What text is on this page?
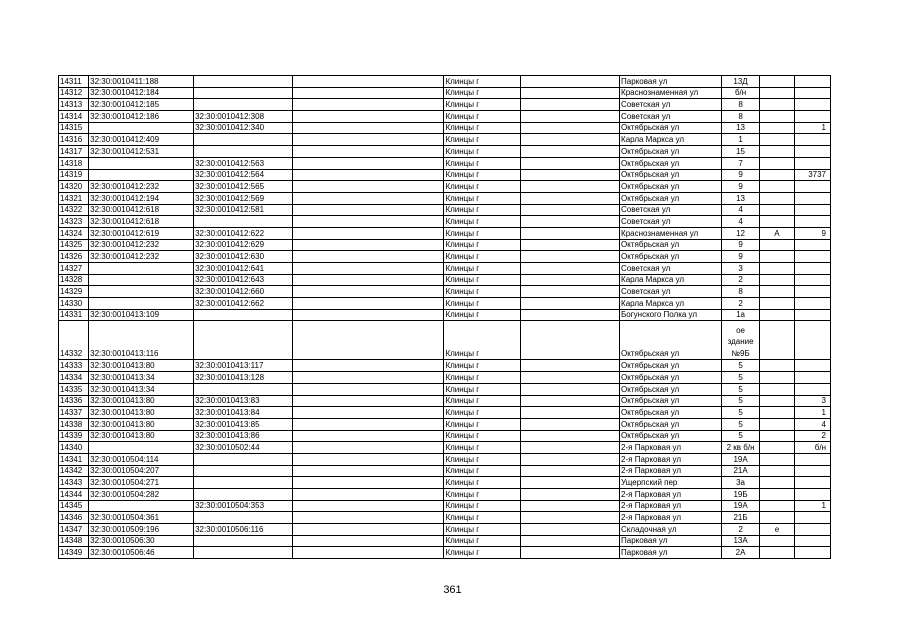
14311	32:30:0010411:188			Клинцы г		Парковая ул	13Д		
14312	32:30:0010412:184			Клинцы г		Краснознаменная ул	б/н		
14313	32:30:0010412:185			Клинцы г		Советская ул	8		
14314	32:30:0010412:186	32:30:0010412:308		Клинцы г		Советская ул	8		
14315		32:30:0010412:340		Клинцы г		Октябрьская ул	13		1
14316	32:30:0010412:409			Клинцы г		Карла Маркса ул	1		
14317	32:30:0010412:531			Клинцы г		Октябрьская ул	15		
14318		32:30:0010412:563		Клинцы г		Октябрьская ул	7		
14319		32:30:0010412:564		Клинцы г		Октябрьская ул	9		3737
14320	32:30:0010412:232	32:30:0010412:565		Клинцы г		Октябрьская ул	9		
14321	32:30:0010412:194	32:30:0010412:569		Клинцы г		Октябрьская ул	13		
14322	32:30:0010412:618	32:30:0010412:581		Клинцы г		Советская ул	4		
14323	32:30:0010412:618			Клинцы г		Советская ул	4		
14324	32:30:0010412:619	32:30:0010412:622		Клинцы г		Краснознаменная ул	12	А	9
14325	32:30:0010412:232	32:30:0010412:629		Клинцы г		Октябрьская ул	9		
14326	32:30:0010412:232	32:30:0010412:630		Клинцы г		Октябрьская ул	9		
14327		32:30:0010412:641		Клинцы г		Советская ул	3		
14328		32:30:0010412:643		Клинцы г		Карла Маркса ул	2		
14329		32:30:0010412:660		Клинцы г		Советская ул	8		
14330		32:30:0010412:662		Клинцы г		Карла Маркса ул	2		
14331	32:30:0010413:109			Клинцы г		Богунского Полка ул	1а		
14332	32:30:0010413:116			Клинцы г		Октябрьская ул	ое здание №9Б		
14333	32:30:0010413:80	32:30:0010413:117		Клинцы г		Октябрьская ул	5		
14334	32:30:0010413:34	32:30:0010413:128		Клинцы г		Октябрьская ул	5		
14335	32:30:0010413:34			Клинцы г		Октябрьская ул	5		
14336	32:30:0010413:80	32:30:0010413:83		Клинцы г		Октябрьская ул	5		3
14337	32:30:0010413:80	32:30:0010413:84		Клинцы г		Октябрьская ул	5		1
14338	32:30:0010413:80	32:30:0010413:85		Клинцы г		Октябрьская ул	5		4
14339	32:30:0010413:80	32:30:0010413:86		Клинцы г		Октябрьская ул	5		2
14340		32:30:0010502:44		Клинцы г		2-я Парковая ул	2 кв б/н		б/н
14341	32:30:0010504:114			Клинцы г		2-я Парковая ул	19А		
14342	32:30:0010504:207			Клинцы г		2-я Парковая ул	21А		
14343	32:30:0010504:271			Клинцы г		Ущерпский пер	3а		
14344	32:30:0010504:282			Клинцы г		2-я Парковая ул	19Б		
14345		32:30:0010504:353		Клинцы г		2-я Парковая ул	19А		1
14346	32:30:0010504:361			Клинцы г		2-я Парковая ул	21Б		
14347	32:30:0010509:196	32:30:0010506:116		Клинцы г		Складочная ул	2	е	
14348	32:30:0010506:30			Клинцы г		Парковая ул	13А		
14349	32:30:0010506:46			Клинцы г		Парковая ул	2А		
361
